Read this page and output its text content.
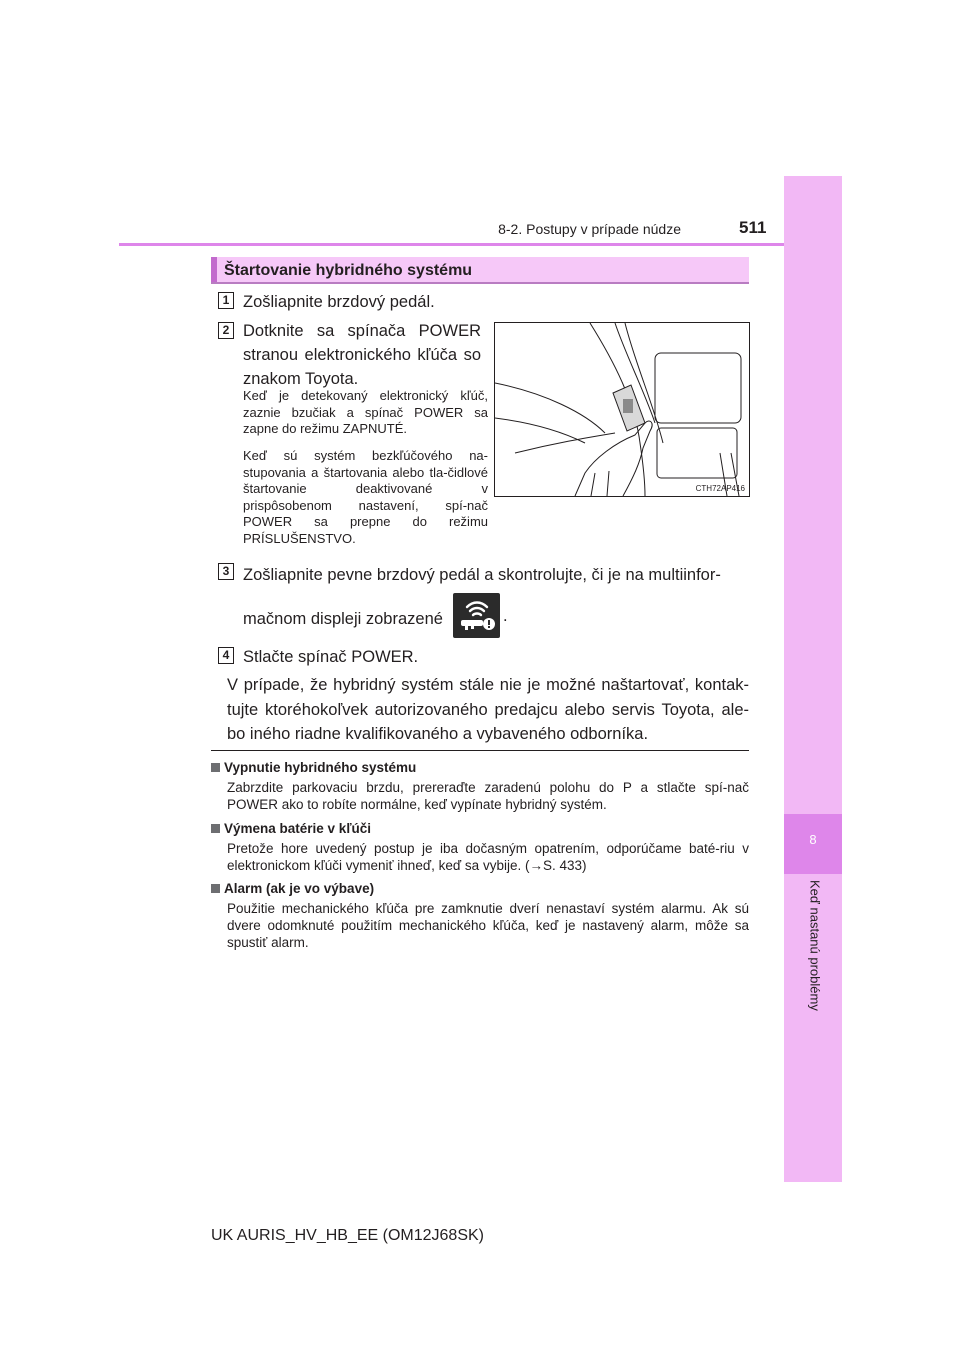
8
Keď nastanú problémy
8-2. Postupy v prípade núdze	511
Štartovanie hybridného systému
1 Zošliapnite brzdový pedál.
2 Dotknite sa spínača POWER stranou elektronického kľúča so znakom Toyota.
Keď je detekovaný elektronický kľúč, zaznie bzučiak a spínač POWER sa zapne do režimu ZAPNUTÉ.
Keď sú systém bezkľúčového na-stupovania a štartovania alebo tla-čidlové štartovanie deaktivované v prispôsobenom nastavení, spí-nač POWER sa prepne do režimu PRÍSLUŠENSTVO.
CTH72AP416
3 Zošliapnite pevne brzdový pedál a skontrolujte, či je na multiinfor-
mačnom displeji zobrazené	.
4 Stlačte spínač POWER.
V prípade, že hybridný systém stále nie je možné naštartovať, kontak-tujte ktoréhokoľvek autorizovaného predajcu alebo servis Toyota, ale-bo iného riadne kvalifikovaného a vybaveného odborníka.
Vypnutie hybridného systému
Zabrzdite parkovaciu brzdu, prereraďte zaradenú polohu do P a stlačte spí-nač POWER ako to robíte normálne, keď vypínate hybridný systém.
Výmena batérie v kľúči
Pretože hore uvedený postup je iba dočasným opatrením, odporúčame baté-riu v elektronickom kľúči vymeniť ihneď, keď sa vybije. (→S. 433)
Alarm (ak je vo výbave)
Použitie mechanického kľúča pre zamknutie dverí nenastaví systém alarmu. Ak sú dvere odomknuté použitím mechanického kľúča, keď je nastavený alarm, môže sa spustiť alarm.
UK AURIS_HV_HB_EE (OM12J68SK)
